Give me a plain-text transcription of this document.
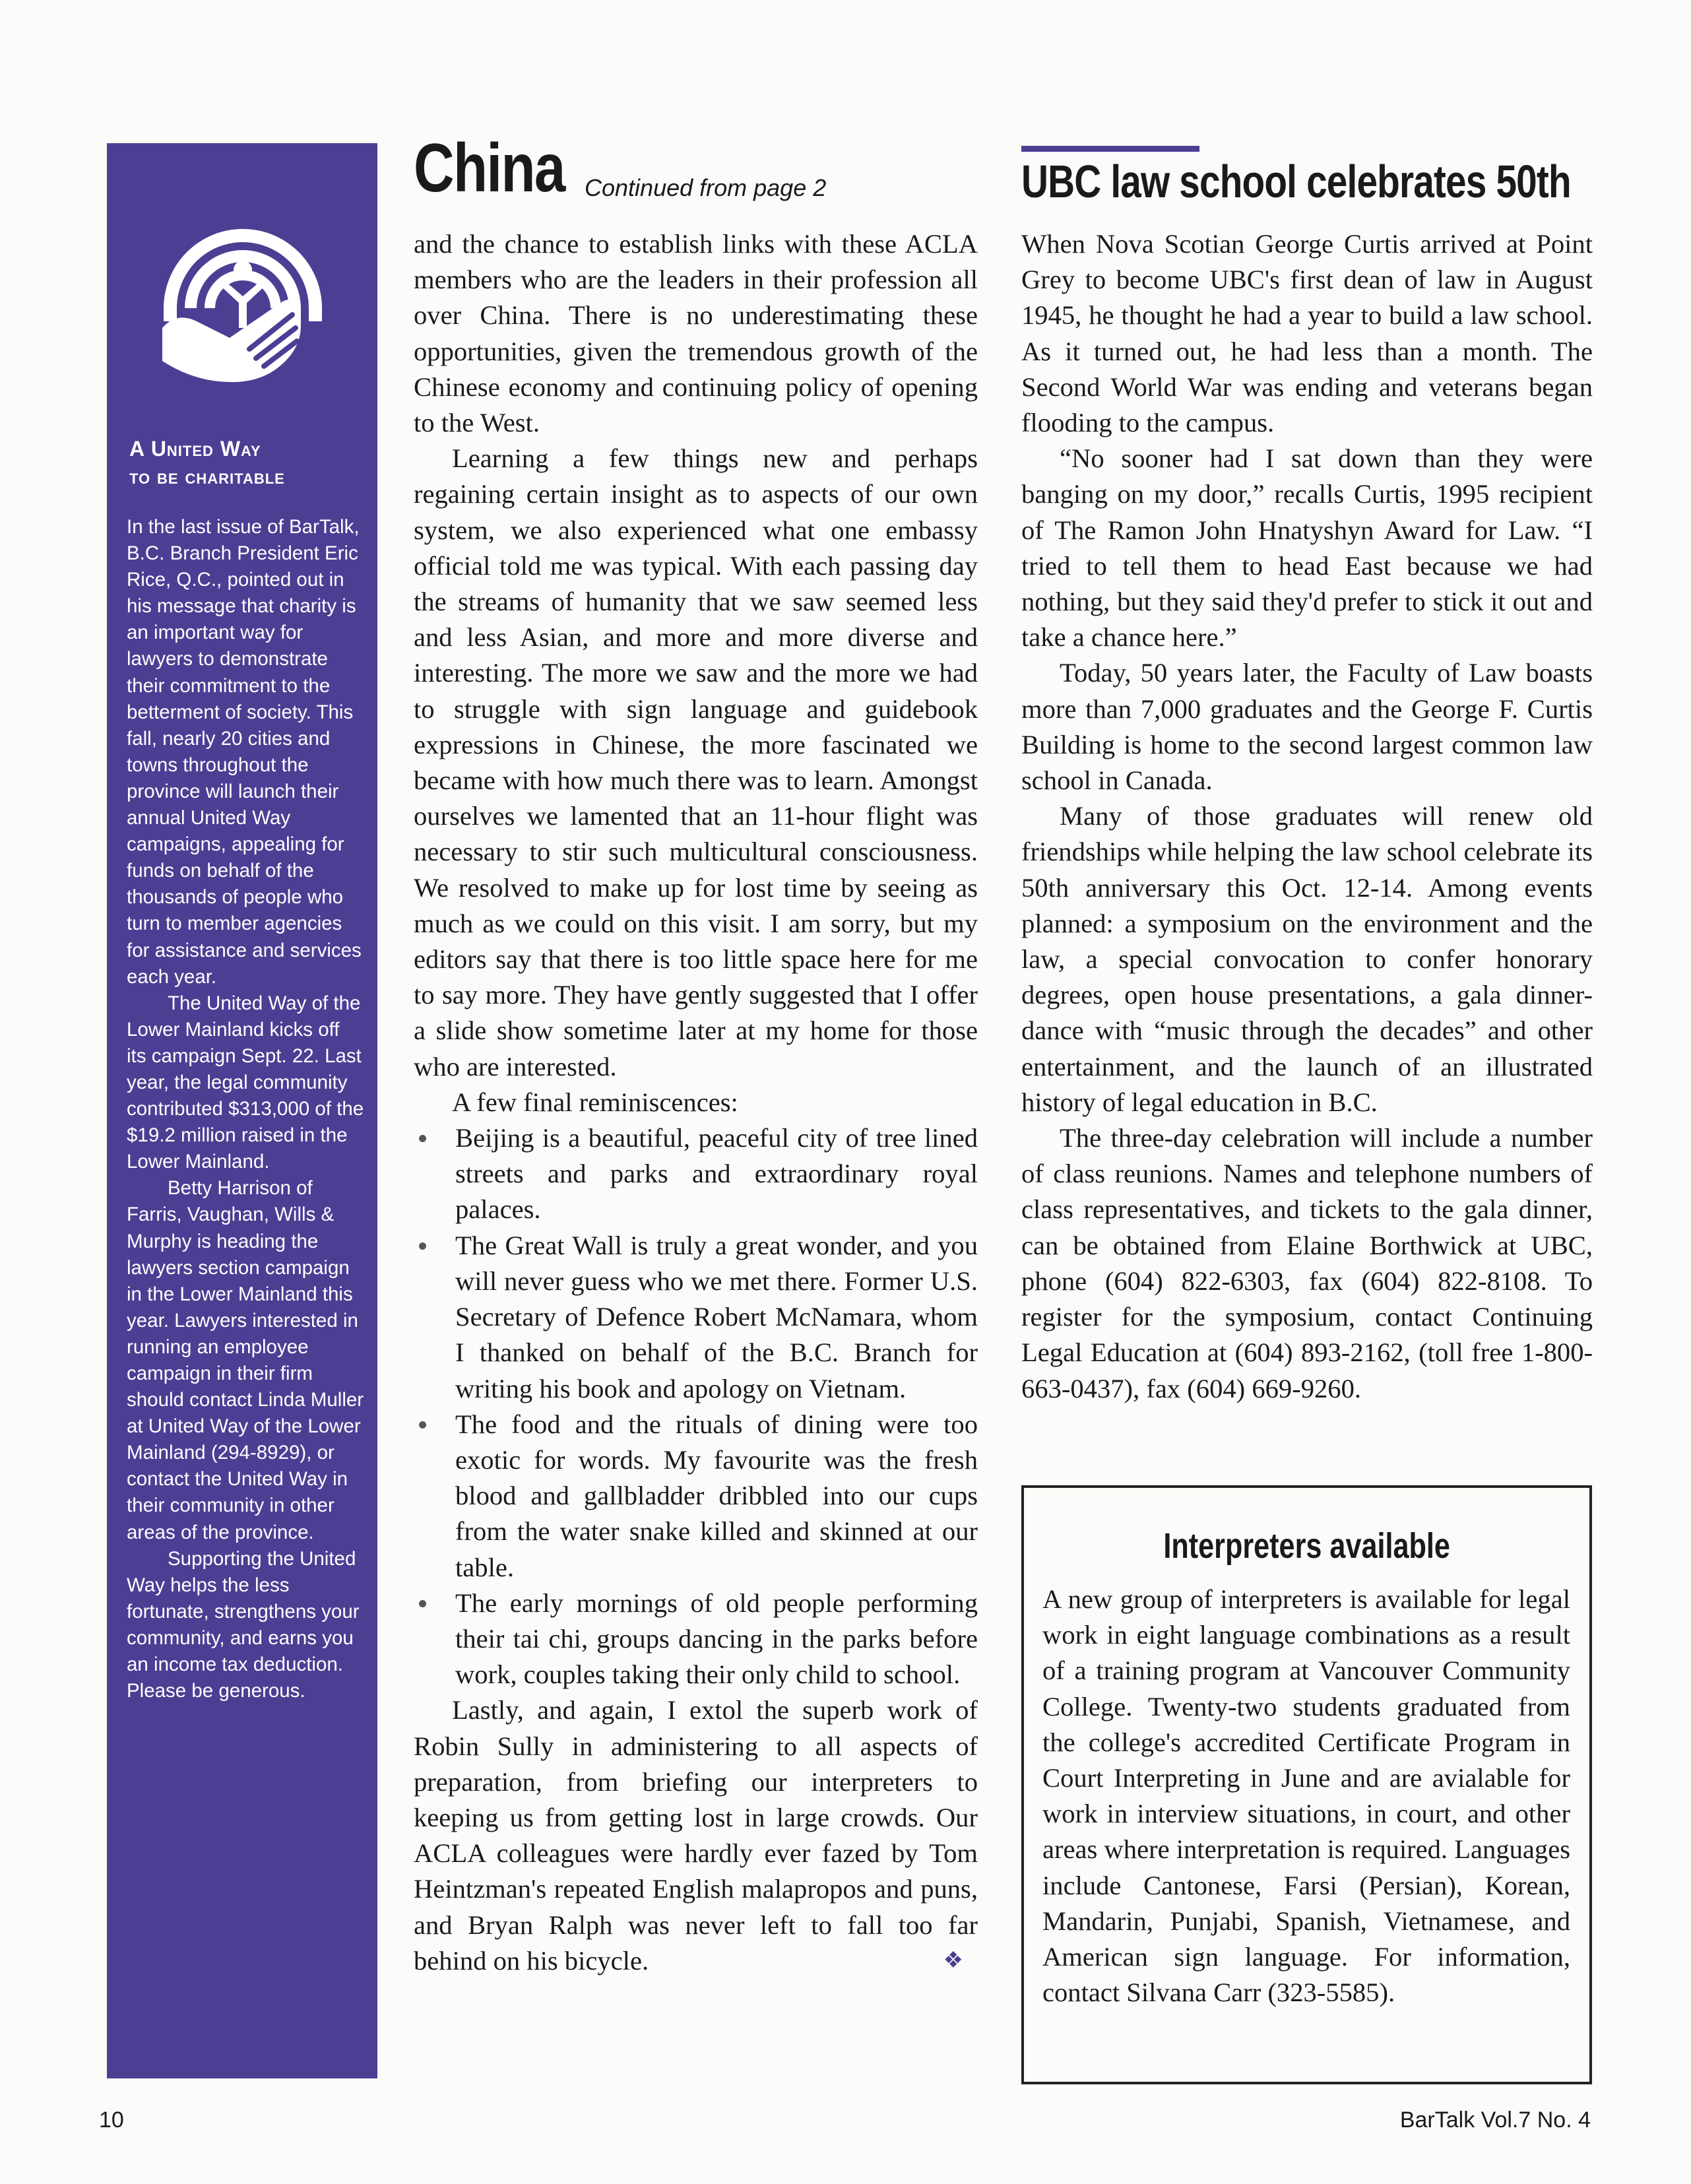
A United Way
to be charitable

In the last issue of BarTalk, B.C. Branch President Eric Rice, Q.C., pointed out in his message that charity is an important way for lawyers to demonstrate their commitment to the betterment of society. This fall, nearly 20 cities and towns throughout the province will launch their annual United Way campaigns, appealing for funds on behalf of the thousands of people who turn to member agencies for assistance and services each year.

The United Way of the Lower Mainland kicks off its campaign Sept. 22. Last year, the legal community contributed $313,000 of the $19.2 million raised in the Lower Mainland.

Betty Harrison of Farris, Vaughan, Wills & Murphy is heading the lawyers section campaign in the Lower Mainland this year. Lawyers interested in running an employee campaign in their firm should contact Linda Muller at United Way of the Lower Mainland (294-8929), or contact the United Way in their community in other areas of the province.

Supporting the United Way helps the less fortunate, strengthens your community, and earns you an income tax deduction. Please be generous.

China Continued from page 2

and the chance to establish links with these ACLA members who are the leaders in their profession all over China. There is no underestimating these opportunities, given the tremendous growth of the Chinese economy and continuing policy of opening to the West.

Learning a few things new and perhaps regaining certain insight as to aspects of our own system, we also experienced what one embassy official told me was typical. With each passing day the streams of humanity that we saw seemed less and less Asian, and more and more diverse and interesting. The more we saw and the more we had to struggle with sign language and guidebook expressions in Chinese, the more fascinated we became with how much there was to learn. Amongst ourselves we lamented that an 11-hour flight was necessary to stir such multicultural consciousness. We resolved to make up for lost time by seeing as much as we could on this visit. I am sorry, but my editors say that there is too little space here for me to say more. They have gently suggested that I offer a slide show sometime later at my home for those who are interested.

A few final reminiscences:

Beijing is a beautiful, peaceful city of tree lined streets and parks and extraordinary royal palaces.
The Great Wall is truly a great wonder, and you will never guess who we met there. Former U.S. Secretary of Defence Robert McNamara, whom I thanked on behalf of the B.C. Branch for writing his book and apology on Vietnam.
The food and the rituals of dining were too exotic for words. My favourite was the fresh blood and gallbladder dribbled into our cups from the water snake killed and skinned at our table.
The early mornings of old people performing their tai chi, groups dancing in the parks before work, couples taking their only child to school.

Lastly, and again, I extol the superb work of Robin Sully in administering to all aspects of preparation, from briefing our interpreters to keeping us from getting lost in large crowds. Our ACLA colleagues were hardly ever fazed by Tom Heintzman's repeated English malapropos and puns, and Bryan Ralph was never left to fall too far behind on his bicycle.	❖

UBC law school celebrates 50th

When Nova Scotian George Curtis arrived at Point Grey to become UBC's first dean of law in August 1945, he thought he had a year to build a law school. As it turned out, he had less than a month. The Second World War was ending and veterans began flooding to the campus.

“No sooner had I sat down than they were banging on my door,” recalls Curtis, 1995 recipient of The Ramon John Hnatyshyn Award for Law. “I tried to tell them to head East because we had nothing, but they said they'd prefer to stick it out and take a chance here.”

Today, 50 years later, the Faculty of Law boasts more than 7,000 graduates and the George F. Curtis Building is home to the second largest common law school in Canada.

Many of those graduates will renew old friendships while helping the law school celebrate its 50th anniversary this Oct. 12-14. Among events planned: a symposium on the environment and the law, a special convocation to confer honorary degrees, open house presentations, a gala dinner-dance with “music through the decades” and other entertainment, and the launch of an illustrated history of legal education in B.C.

The three-day celebration will include a number of class reunions. Names and telephone numbers of class representatives, and tickets to the gala dinner, can be obtained from Elaine Borthwick at UBC, phone (604) 822-6303, fax (604) 822-8108. To register for the symposium, contact Continuing Legal Education at (604) 893-2162, (toll free 1-800-663-0437), fax (604) 669-9260.

Interpreters available

A new group of interpreters is available for legal work in eight language combinations as a result of a training program at Vancouver Community College. Twenty-two students graduated from the college's accredited Certificate Program in Court Interpreting in June and are avialable for work in interview situations, in court, and other areas where interpretation is required. Languages include Cantonese, Farsi (Persian), Korean, Mandarin, Punjabi, Spanish, Vietnamese, and American sign language. For information, contact Silvana Carr (323-5585).

10	BarTalk Vol.7 No. 4
